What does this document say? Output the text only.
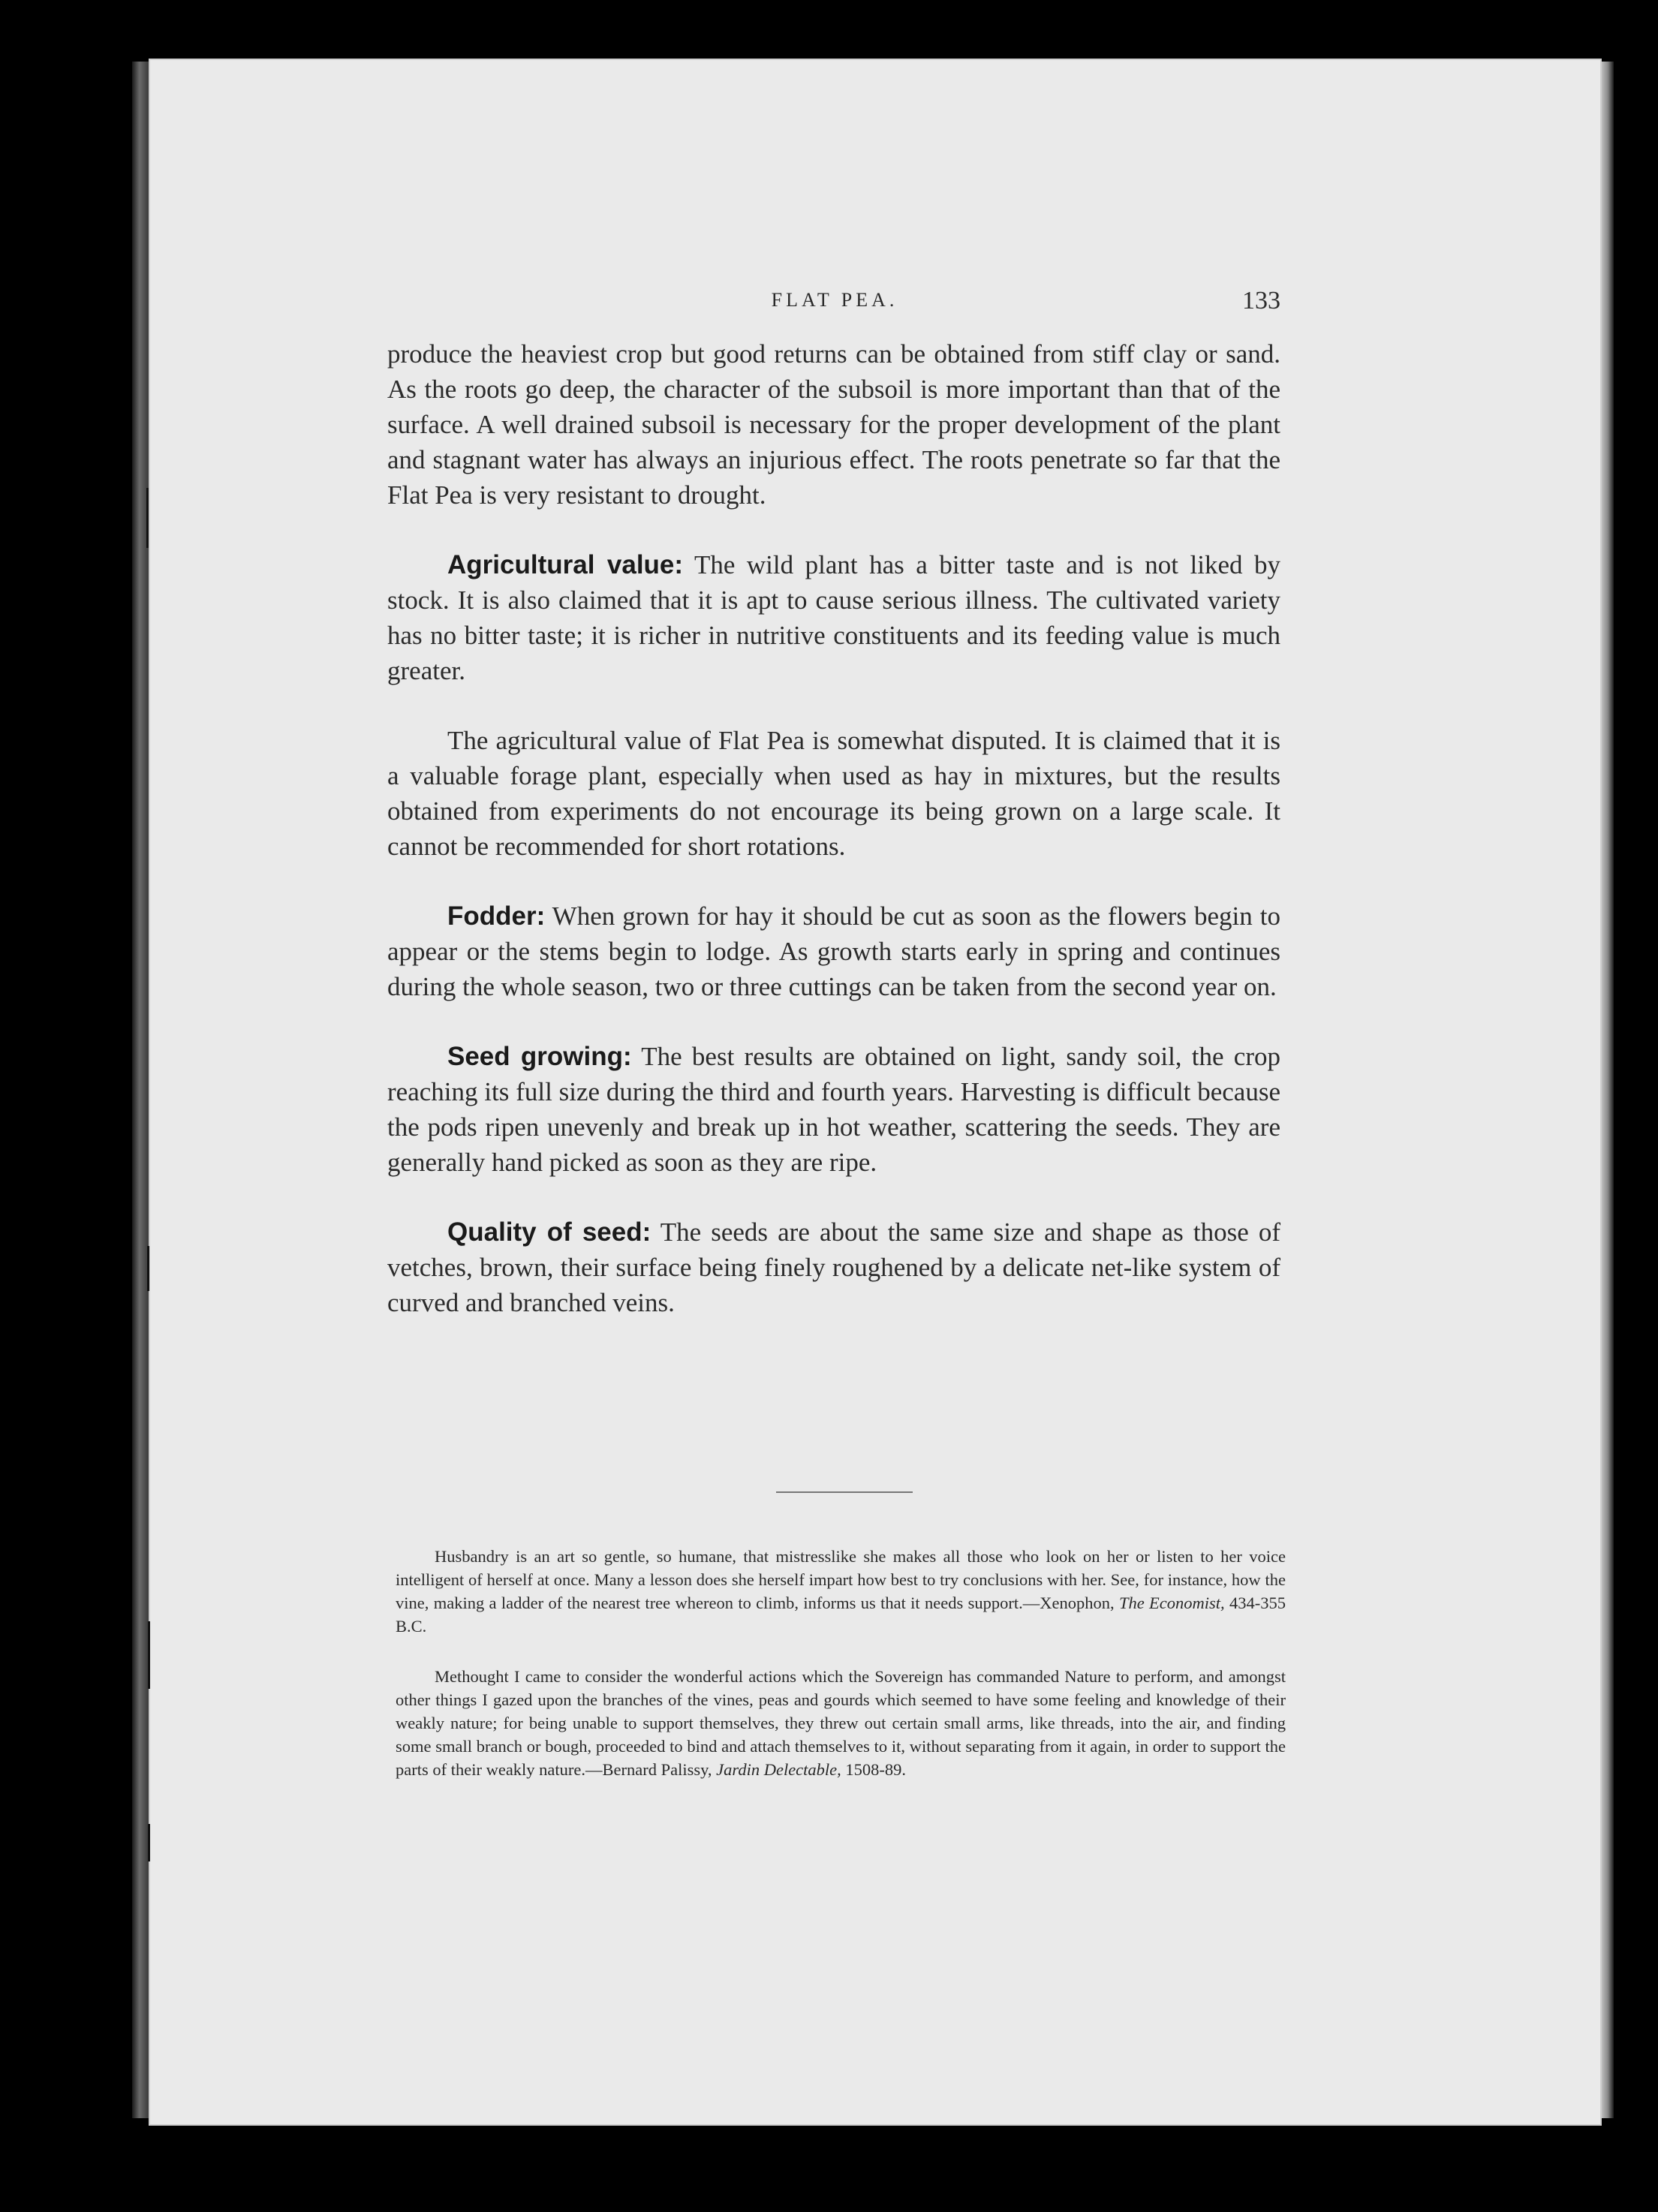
FLAT PEA.	133

produce the heaviest crop but good returns can be obtained from stiff clay or sand. As the roots go deep, the character of the subsoil is more important than that of the surface. A well drained subsoil is necessary for the proper development of the plant and stagnant water has always an injurious effect. The roots penetrate so far that the Flat Pea is very resistant to drought.

Agricultural value: The wild plant has a bitter taste and is not liked by stock. It is also claimed that it is apt to cause serious illness. The cultivated variety has no bitter taste; it is richer in nutritive constituents and its feeding value is much greater.

The agricultural value of Flat Pea is somewhat disputed. It is claimed that it is a valuable forage plant, especially when used as hay in mixtures, but the results obtained from experiments do not encourage its being grown on a large scale. It cannot be recommended for short rotations.

Fodder: When grown for hay it should be cut as soon as the flowers begin to appear or the stems begin to lodge. As growth starts early in spring and continues during the whole season, two or three cuttings can be taken from the second year on.

Seed growing: The best results are obtained on light, sandy soil, the crop reaching its full size during the third and fourth years. Harvesting is difficult because the pods ripen unevenly and break up in hot weather, scattering the seeds. They are generally hand picked as soon as they are ripe.

Quality of seed: The seeds are about the same size and shape as those of vetches, brown, their surface being finely roughened by a delicate net-like system of curved and branched veins.

Husbandry is an art so gentle, so humane, that mistresslike she makes all those who look on her or listen to her voice intelligent of herself at once. Many a lesson does she herself impart how best to try conclusions with her. See, for instance, how the vine, making a ladder of the nearest tree whereon to climb, informs us that it needs support.—Xenophon, The Economist, 434-355 B.C.

Methought I came to consider the wonderful actions which the Sovereign has commanded Nature to perform, and amongst other things I gazed upon the branches of the vines, peas and gourds which seemed to have some feeling and knowledge of their weakly nature; for being unable to support themselves, they threw out certain small arms, like threads, into the air, and finding some small branch or bough, proceeded to bind and attach themselves to it, without separating from it again, in order to support the parts of their weakly nature.—Bernard Palissy, Jardin Delectable, 1508-89.
